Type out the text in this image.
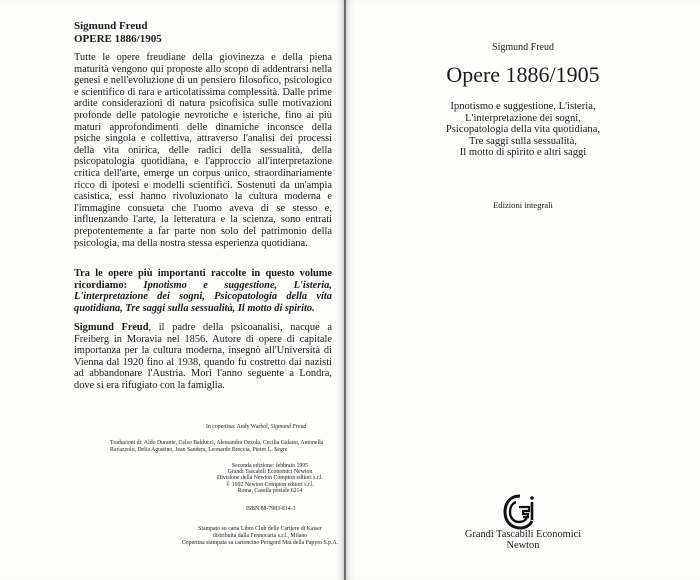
Sigmund Freud
OPERE 1886/1905

Tutte le opere freudiane della giovinezza e della piena maturità vengono qui proposte allo scopo di addentrarsi nella genesi e nell'evoluzione di un pensiero filosofico, psicologico e scientifico di rara e articolatissima complessità. Dalle prime ardite considerazioni di natura psicofisica sulle motivazioni profonde delle patologie nevrotiche e isteriche, fino ai più maturi approfondimenti delle dinamiche inconsce della psiche singola e collettiva, attraverso l'analisi dei processi della vita onirica, delle radici della sessualità, della psicopatologia quotidiana, e l'approccio all'interpretazione critica dell'arte, emerge un corpus unico, straordinariamente ricco di ipotesi e modelli scientifici. Sostenuti da un'ampia casistica, essi hanno rivoluzionato la cultura moderna e l'immagine consueta che l'uomo aveva di se stesso e, influenzando l'arte, la letteratura e la scienza, sono entrati prepotentemente a far parte non solo del patrimonio della psicologia, ma della nostra stessa esperienza quotidiana.

Tra le opere più importanti raccolte in questo volume ricordiamo: Ipnotismo e suggestione, L'isteria, L'interpretazione dei sogni, Psicopatologia della vita quotidiana, Tre saggi sulla sessualità, Il motto di spirito.
Sigmund Freud, il padre della psicoanalisi, nacque a Freiberg in Moravia nel 1856. Autore di opere di capitale importanza per la cultura moderna, insegnò all'Università di Vienna dal 1920 fino al 1938, quando fu costretto dai nazisti ad abbandonare l'Austria. Morì l'anno seguente a Londra, dove si era rifugiato con la famiglia.
In copertina: Andy Warhol, Sigmund Freud
Traduzioni di: Aldo Durante, Celso Balducci, Alessandra Ozzola, Cecilia Galassi, Antonella Ravazzolo, Delia Agostino, Jean Sanders, Leonardo Breccia, Pietro L. Segre
Seconda edizione: febbraio 1995
Grandi Tascabili Economici Newton
Divisione della Newton Compton editori s.r.l.
© 1992 Newton Compton editori s.r.l.
Roma, Casella postale 6214
ISBN 88-7983-814-3
Stampato su carta Libro Club delle Cartiere di Kaiser
distribuita dalla Fennocarta s.r.l., Milano
Copertina stampata su cartoncino Perigord Mat della Papyro S.p.A.
Sigmund Freud
Opere 1886/1905
Ipnotismo e suggestione, L'isteria,
L'interpretazione dei sogni,
Psicopatologia della vita quotidiana,
Tre saggi sulla sessualità,
Il motto di spirito e altri saggi
Edizioni integrali
Grandi Tascabili Economici
Newton
